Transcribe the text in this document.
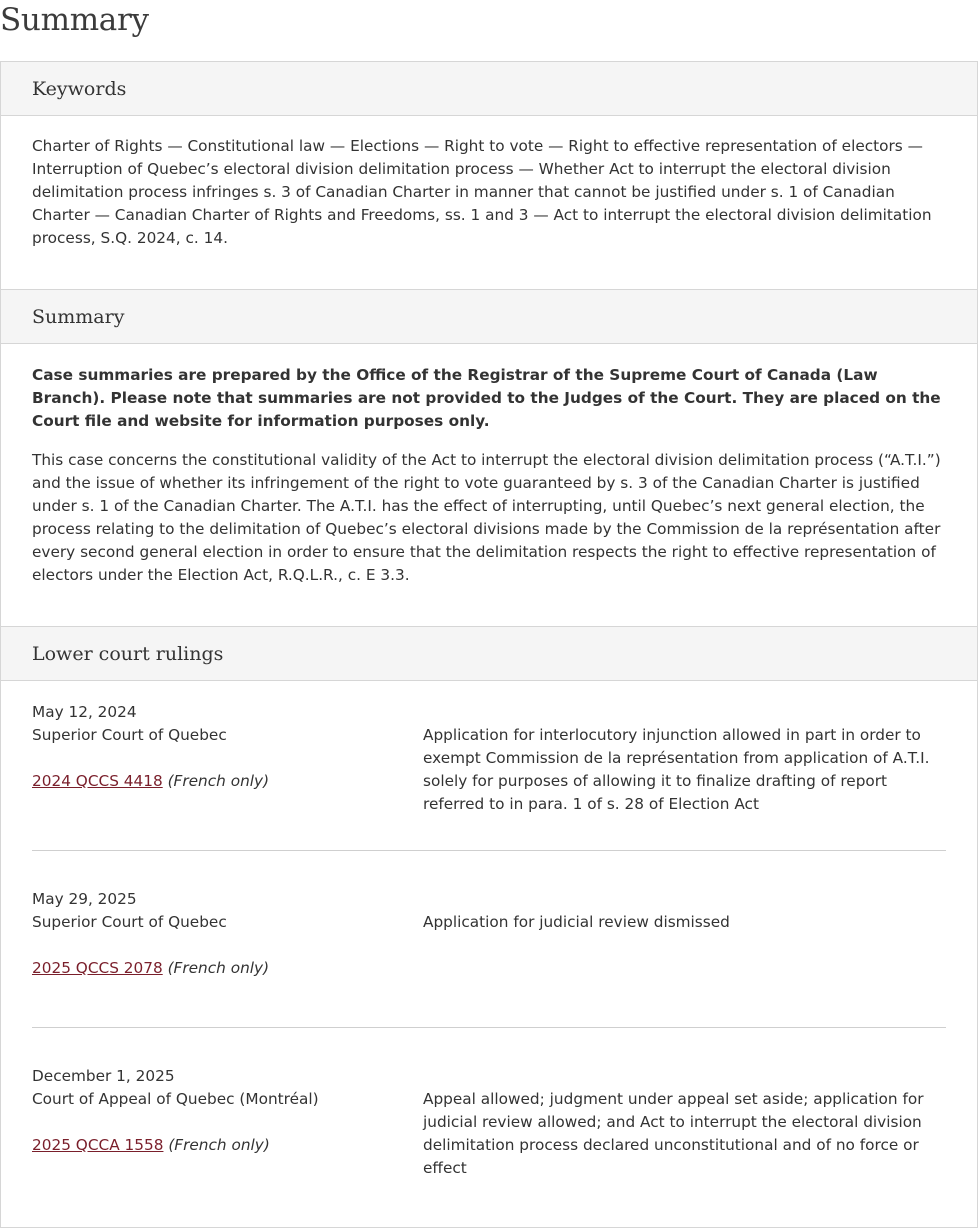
Summary
Keywords

Charter of Rights — Constitutional law — Elections — Right to vote — Right to effective representation of electors — Interruption of Quebec’s electoral division delimitation process — Whether Act to interrupt the electoral division delimitation process infringes s. 3 of Canadian Charter in manner that cannot be justified under s. 1 of Canadian Charter — Canadian Charter of Rights and Freedoms, ss. 1 and 3 — Act to interrupt the electoral division delimitation process, S.Q. 2024, c. 14.

Summary

Case summaries are prepared by the Office of the Registrar of the Supreme Court of Canada (Law Branch). Please note that summaries are not provided to the Judges of the Court. They are placed on the Court file and website for information purposes only.

This case concerns the constitutional validity of the Act to interrupt the electoral division delimitation process (“A.T.I.”) and the issue of whether its infringement of the right to vote guaranteed by s. 3 of the Canadian Charter is justified under s. 1 of the Canadian Charter. The A.T.I. has the effect of interrupting, until Quebec’s next general election, the process relating to the delimitation of Quebec’s electoral divisions made by the Commission de la représentation after every second general election in order to ensure that the delimitation respects the right to effective representation of electors under the Election Act, R.Q.L.R., c. E 3.3.

Lower court rulings
May 12, 2024
Superior Court of Quebec
2024 QCCS 4418 (French only)
Application for interlocutory injunction allowed in part in order to exempt Commission de la représentation from application of A.T.I. solely for purposes of allowing it to finalize drafting of report referred to in para. 1 of s. 28 of Election Act
May 29, 2025
Superior Court of Quebec
2025 QCCS 2078 (French only)
Application for judicial review dismissed
December 1, 2025
Court of Appeal of Quebec (Montréal)
2025 QCCA 1558 (French only)
Appeal allowed; judgment under appeal set aside; application for judicial review allowed; and Act to interrupt the electoral division delimitation process declared unconstitutional and of no force or effect
